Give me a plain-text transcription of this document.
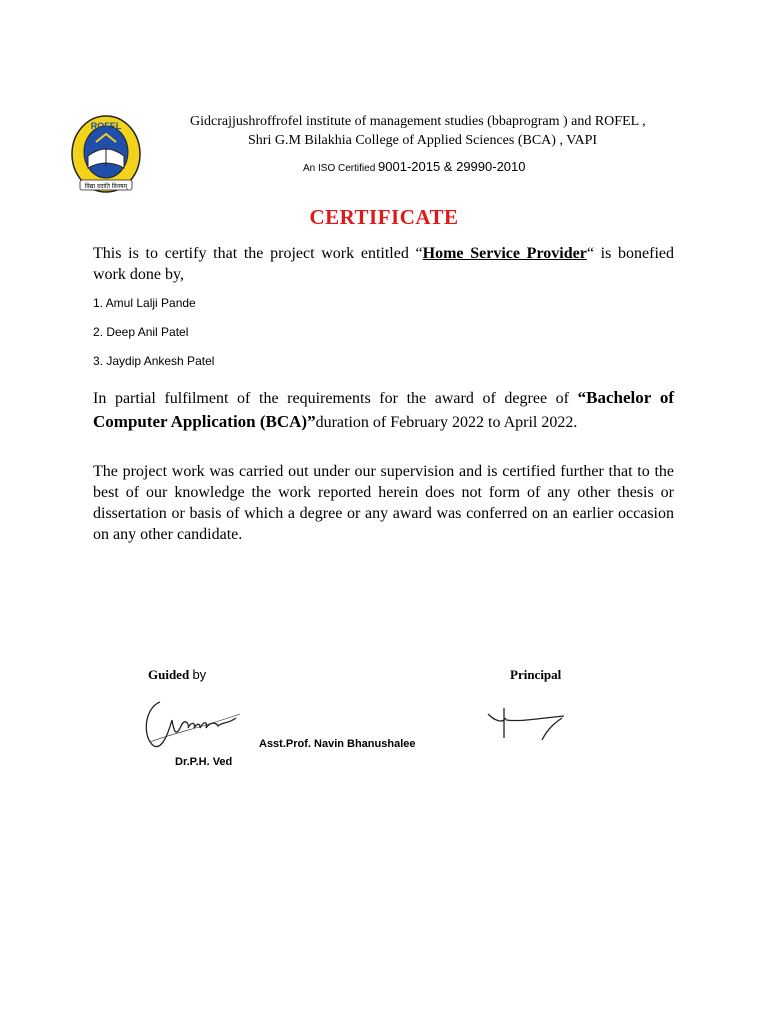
ROFEL
विद्या ददाति विनयम्
Gidcrajjushroffrofel institute of management studies (bbaprogram ) and ROFEL ,
Shri G.M Bilakhia College of Applied Sciences (BCA) , VAPI
An ISO Certified 9001-2015 & 29990-2010
CERTIFICATE
This is to certify that the project work entitled “Home Service Provider“ is bonefied work done by,
1. Amul Lalji Pande
2. Deep Anil Patel
3. Jaydip Ankesh Patel
In partial fulfilment of the requirements for the award of degree of “Bachelor of Computer Application (BCA)”duration of February 2022 to April 2022.
The project work was carried out under our supervision and is certified further that to the best of our knowledge the work reported herein does not form of any other thesis or dissertation or basis of which a degree or any award was conferred on an earlier occasion on any other candidate.
Guided by	Principal
Asst.Prof. Navin Bhanushalee
Dr.P.H. Ved
